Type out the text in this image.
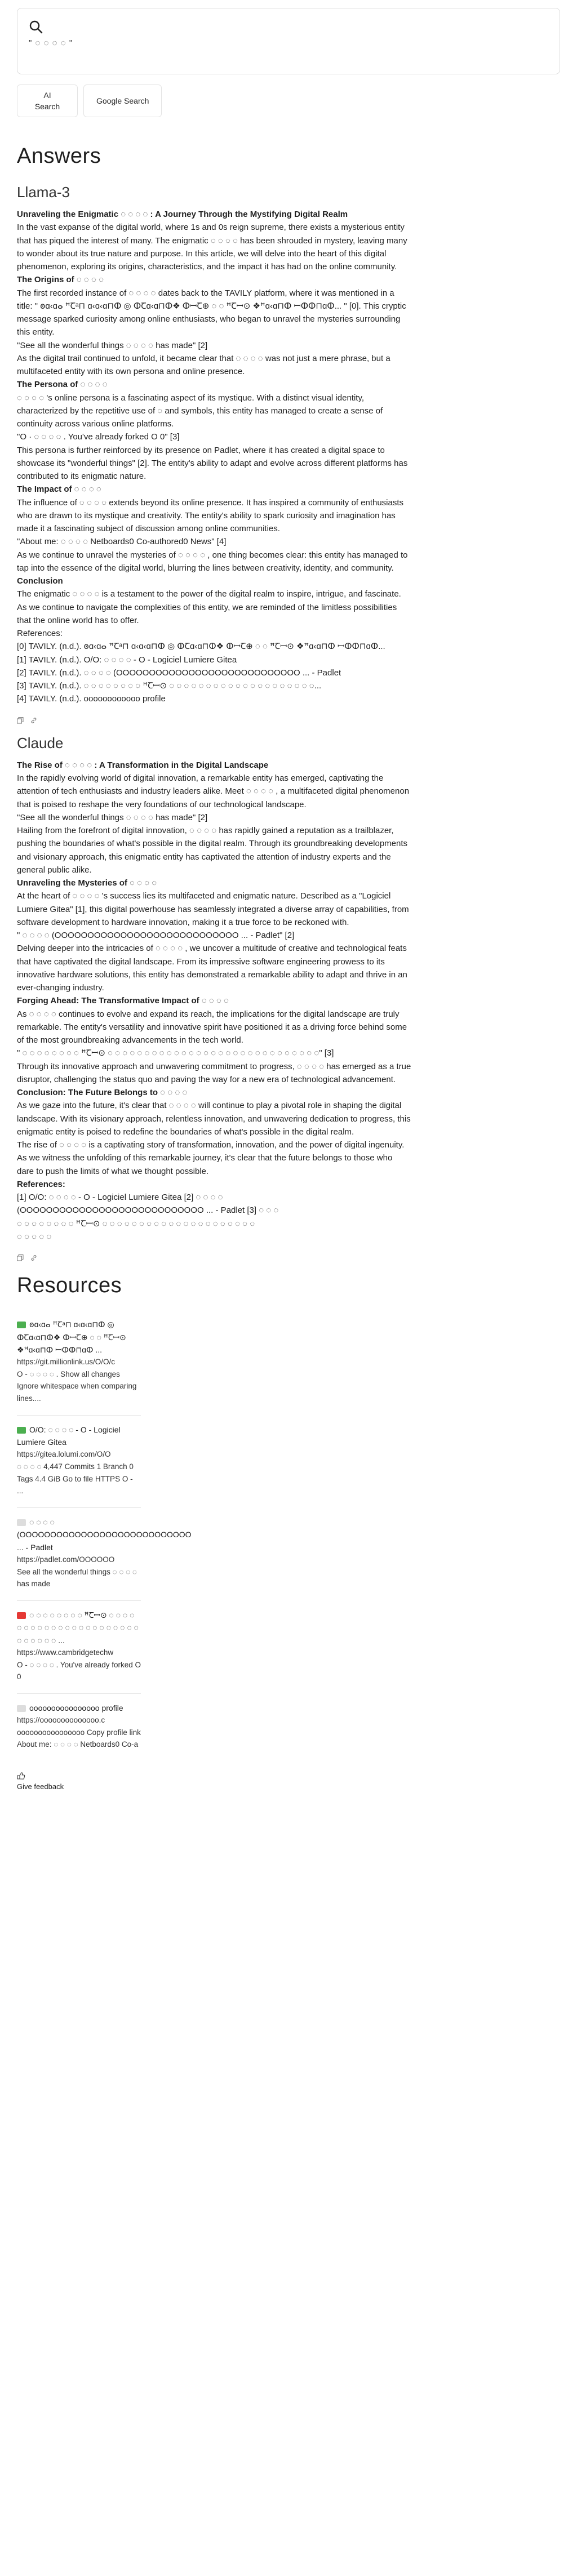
" ◌ ◌ ◌ ◌ "
AI
Search
Google Search
Answers
Llama-3

Unraveling the Enigmatic ◌ ◌ ◌ ◌ : A Journey Through the Mystifying Digital Realm

In the vast expanse of the digital world, where 1s and 0s reign supreme, there exists a mysterious entity that has piqued the interest of many. The enigmatic ◌ ◌ ◌ ◌ has been shrouded in mystery, leaving many to wonder about its true nature and purpose. In this article, we will delve into the heart of this digital phenomenon, exploring its origins, characteristics, and the impact it has had on the online community.

The Origins of ◌ ◌ ◌ ◌

The first recorded instance of ◌ ◌ ◌ ◌ dates back to the TAVILY platform, where it was mentioned in a title: " ꙩɑ‹ɑⴰ ꟸꞆᵃ⊓ ɑ‹ɑ‹ɑ⊓ⵀ ◎ ⵀꞆɑ‹ɑ⊓ⵀ❖ ⵀꟷꞆ⊕ ◌ ◌ ꟸꞆꟷ⊙ ❖ꟸɑ‹ɑ⊓ⵀ ꟷⵀⵀ⊓ɑⵀ... " [0]. This cryptic message sparked curiosity among online enthusiasts, who began to unravel the mysteries surrounding this entity.

"See all the wonderful things ◌ ◌ ◌ ◌ has made" [2]

As the digital trail continued to unfold, it became clear that ◌ ◌ ◌ ◌ was not just a mere phrase, but a multifaceted entity with its own persona and online presence.

The Persona of ◌ ◌ ◌ ◌

◌ ◌ ◌ ◌ 's online persona is a fascinating aspect of its mystique. With a distinct visual identity, characterized by the repetitive use of ◌ and symbols, this entity has managed to create a sense of continuity across various online platforms.

"O · ◌ ◌ ◌ ◌ . You've already forked O 0" [3]

This persona is further reinforced by its presence on Padlet, where it has created a digital space to showcase its "wonderful things" [2]. The entity's ability to adapt and evolve across different platforms has contributed to its enigmatic nature.

The Impact of ◌ ◌ ◌ ◌

The influence of ◌ ◌ ◌ ◌ extends beyond its online presence. It has inspired a community of enthusiasts who are drawn to its mystique and creativity. The entity's ability to spark curiosity and imagination has made it a fascinating subject of discussion among online communities.

"About me: ◌ ◌ ◌ ◌ Netboards0 Co-authored0 News" [4]

As we continue to unravel the mysteries of ◌ ◌ ◌ ◌ , one thing becomes clear: this entity has managed to tap into the essence of the digital world, blurring the lines between creativity, identity, and community.

Conclusion

The enigmatic ◌ ◌ ◌ ◌ is a testament to the power of the digital realm to inspire, intrigue, and fascinate. As we continue to navigate the complexities of this entity, we are reminded of the limitless possibilities that the online world has to offer.

References:

[0] TAVILY. (n.d.). ꙩɑ‹ɑⴰ ꟸꞆᵃ⊓ ɑ‹ɑ‹ɑ⊓ⵀ ◎ ⵀꞆɑ‹ɑ⊓ⵀ❖ ⵀꟷꞆ⊕ ◌ ◌ ꟸꞆꟷ⊙ ❖ꟸɑ‹ɑ⊓ⵀ ꟷⵀⵀ⊓ɑⵀ...

[1] TAVILY. (n.d.). O/O: ◌ ◌ ◌ ◌ - O - Logiciel Lumiere Gitea

[2] TAVILY. (n.d.). ◌ ◌ ◌ ◌ (OOOOOOOOOOOOOOOOOOOOOOOOOOOO ... - Padlet

[3] TAVILY. (n.d.). ◌ ◌ ◌ ◌ ◌ ◌ ◌ ◌ ꟸꞆꟷ⊙ ◌ ◌ ◌ ◌ ◌ ◌ ◌ ◌ ◌ ◌ ◌ ◌ ◌ ◌ ◌ ◌ ◌ ◌ ◌ ◌...

[4] TAVILY. (n.d.). oooooooooooo profile

Claude

The Rise of ◌ ◌ ◌ ◌ : A Transformation in the Digital Landscape

In the rapidly evolving world of digital innovation, a remarkable entity has emerged, captivating the attention of tech enthusiasts and industry leaders alike. Meet ◌ ◌ ◌ ◌ , a multifaceted digital phenomenon that is poised to reshape the very foundations of our technological landscape.

"See all the wonderful things ◌ ◌ ◌ ◌ has made" [2]

Hailing from the forefront of digital innovation, ◌ ◌ ◌ ◌ has rapidly gained a reputation as a trailblazer, pushing the boundaries of what's possible in the digital realm. Through its groundbreaking developments and visionary approach, this enigmatic entity has captivated the attention of industry experts and the general public alike.

Unraveling the Mysteries of ◌ ◌ ◌ ◌

At the heart of ◌ ◌ ◌ ◌ 's success lies its multifaceted and enigmatic nature. Described as a "Logiciel Lumiere Gitea" [1], this digital powerhouse has seamlessly integrated a diverse array of capabilities, from software development to hardware innovation, making it a true force to be reckoned with.

" ◌ ◌ ◌ ◌ (OOOOOOOOOOOOOOOOOOOOOOOOOOOO ... - Padlet" [2]

Delving deeper into the intricacies of ◌ ◌ ◌ ◌ , we uncover a multitude of creative and technological feats that have captivated the digital landscape. From its impressive software engineering prowess to its innovative hardware solutions, this entity has demonstrated a remarkable ability to adapt and thrive in an ever-changing industry.

Forging Ahead: The Transformative Impact of ◌ ◌ ◌ ◌

As ◌ ◌ ◌ ◌ continues to evolve and expand its reach, the implications for the digital landscape are truly remarkable. The entity's versatility and innovative spirit have positioned it as a driving force behind some of the most groundbreaking advancements in the tech world.

" ◌ ◌ ◌ ◌ ◌ ◌ ◌ ◌ ꟸꞆꟷ⊙ ◌ ◌ ◌ ◌ ◌ ◌ ◌ ◌ ◌ ◌ ◌ ◌ ◌ ◌ ◌ ◌ ◌ ◌ ◌ ◌ ◌ ◌ ◌ ◌ ◌ ◌ ◌ ◌ ◌" [3]

Through its innovative approach and unwavering commitment to progress, ◌ ◌ ◌ ◌ has emerged as a true disruptor, challenging the status quo and paving the way for a new era of technological advancement.

Conclusion: The Future Belongs to ◌ ◌ ◌ ◌

As we gaze into the future, it's clear that ◌ ◌ ◌ ◌ will continue to play a pivotal role in shaping the digital landscape. With its visionary approach, relentless innovation, and unwavering dedication to progress, this enigmatic entity is poised to redefine the boundaries of what's possible in the digital realm.

The rise of ◌ ◌ ◌ ◌ is a captivating story of transformation, innovation, and the power of digital ingenuity. As we witness the unfolding of this remarkable journey, it's clear that the future belongs to those who dare to push the limits of what we thought possible.

References:

[1] O/O: ◌ ◌ ◌ ◌ - O - Logiciel Lumiere Gitea [2] ◌ ◌ ◌ ◌

(OOOOOOOOOOOOOOOOOOOOOOOOOOOO ... - Padlet [3] ◌ ◌ ◌

◌ ◌ ◌ ◌ ◌ ◌ ◌ ◌ ꟸꞆꟷ⊙ ◌ ◌ ◌ ◌ ◌ ◌ ◌ ◌ ◌ ◌ ◌ ◌ ◌ ◌ ◌ ◌ ◌ ◌ ◌ ◌ ◌

◌ ◌ ◌ ◌ ◌

Resources
ꙩɑ‹ɑⴰ ꟸꞆᵃ⊓ ɑ‹ɑ‹ɑ⊓ⵀ ◎ ⵀꞆɑ‹ɑ⊓ⵀ❖ ⵀꟷꞆ⊕ ◌ ◌ ꟸꞆꟷ⊙ ❖ꟸɑ‹ɑ⊓ⵀ ꟷⵀⵀ⊓ɑⵀ ...
https://git.millionlink.us/O/O/c
O - ◌ ◌ ◌ ◌ . Show all changes Ignore whitespace when comparing lines....
O/O: ◌ ◌ ◌ ◌ - O - Logiciel Lumiere Gitea
https://gitea.lolumi.com/O/O
◌ ◌ ◌ ◌ 4,447 Commits 1 Branch 0 Tags 4.4 GiB Go to file HTTPS O - ...
◌ ◌ ◌ ◌ (OOOOOOOOOOOOOOOOOOOOOOOOOOOO ... - Padlet
https://padlet.com/OOOOOO
See all the wonderful things ◌ ◌ ◌ ◌ has made
◌ ◌ ◌ ◌ ◌ ◌ ◌ ◌ ꟸꞆꟷ⊙ ◌ ◌ ◌ ◌ ◌ ◌ ◌ ◌ ◌ ◌ ◌ ◌ ◌ ◌ ◌ ◌ ◌ ◌ ◌ ◌ ◌ ◌ ◌ ◌ ◌ ◌ ◌ ◌ ...
https://www.cambridgetechw
O - ◌ ◌ ◌ ◌ . You've already forked O 0
oooooooooooooooo profile
https://oooooooooooooo.c
oooooooooooooooo Copy profile link About me: ◌ ◌ ◌ ◌ Netboards0 Co-a
Give feedback
